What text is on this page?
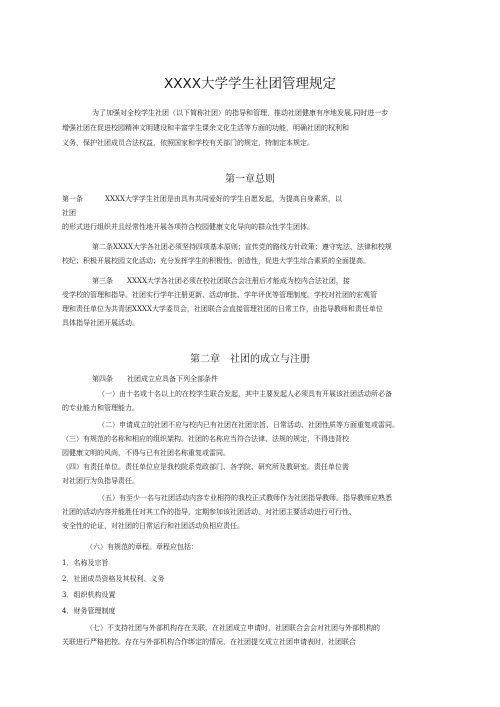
XXXX大学学生社团管理规定
为了加强对全校学生社团（以下简称社团）的指导和管理，推动社团健康有序地发展,同时进一步
增强社团在促进校园精神文明建设和丰富学生课余文化生活等方面的功能，明确社团的权利和
义务，保护社团成员合法权益，依照国家和学校有关部门的规定，特制定本规定。
第一章总则
第一条	XXXX大学学生社团是由具有共同爱好的学生自愿发起，为提高自身素质，以
社团
的形式进行组织并且经常性地开展各项符合校园健康文化导向的群众性学生团体。
第二条XXXX大学各社团必须坚持四项基本原则；宣传党的路线方针政策；遵守宪法、法律和校规
校纪；积极开展校园文化活动；充分发挥学生的积极性、创造性，促进大学生综合素质的全面提高。
第三条 XXXX大学各社团必须在校社团联合会注册后才能成为校内合法社团，接
受学校的管理和指导。社团实行学年注册更新、活动审批、学年评优等管理制度。学校对社团的宏观管
理和责任单位为共青团XXXX大学委员会，社团联合会直接管理社团的日常工作，由指导教师和责任单位
具体指导社团开展活动。
第二章 社团的成立与注册
第四条 社团成立应具备下列全部条件
（一）由十名或十名以上的在校学生联合发起，其中主要发起人必须具有开展该社团活动所必备
的专业能力和管理能力。
（二）申请成立的社团不应与校内已有社团在社团宗旨、日常活动、社团性质等方面重复或雷同。
（三）有规范的名称和相应的组织架构。社团的名称应当符合法律、法规的规定，不得违背校
园健康文明的风尚，不得与已有社团名称重复或雷同。
（四）有责任单位。责任单位应是我校院系党政部门、各学院、研究所及教研室。责任单位需
对社团行为负指导责任。
（五）有至少一名与社团活动内容专业相符的我校正式教师作为社团指导教师。指导教师应熟悉
社团的活动内容并能胜任对其工作的指导，定期参加该社团活动，对社团主要活动进行可行性、
安全性的论证，对社团的日常运行和社团活动负相应责任。
（六）有规范的章程。章程应包括：
1．名称及宗旨
2．社团成员资格及其权利、义务
3．组织机构设置
4．财务管理制度
（七）不支持社团与外部机构存在关联，在社团成立申请时，社团联合会会对社团与外部机构的
关联进行严格把控。存在与外部机构合作绑定的情况，在社团提交成立社团申请表时，社团联合
